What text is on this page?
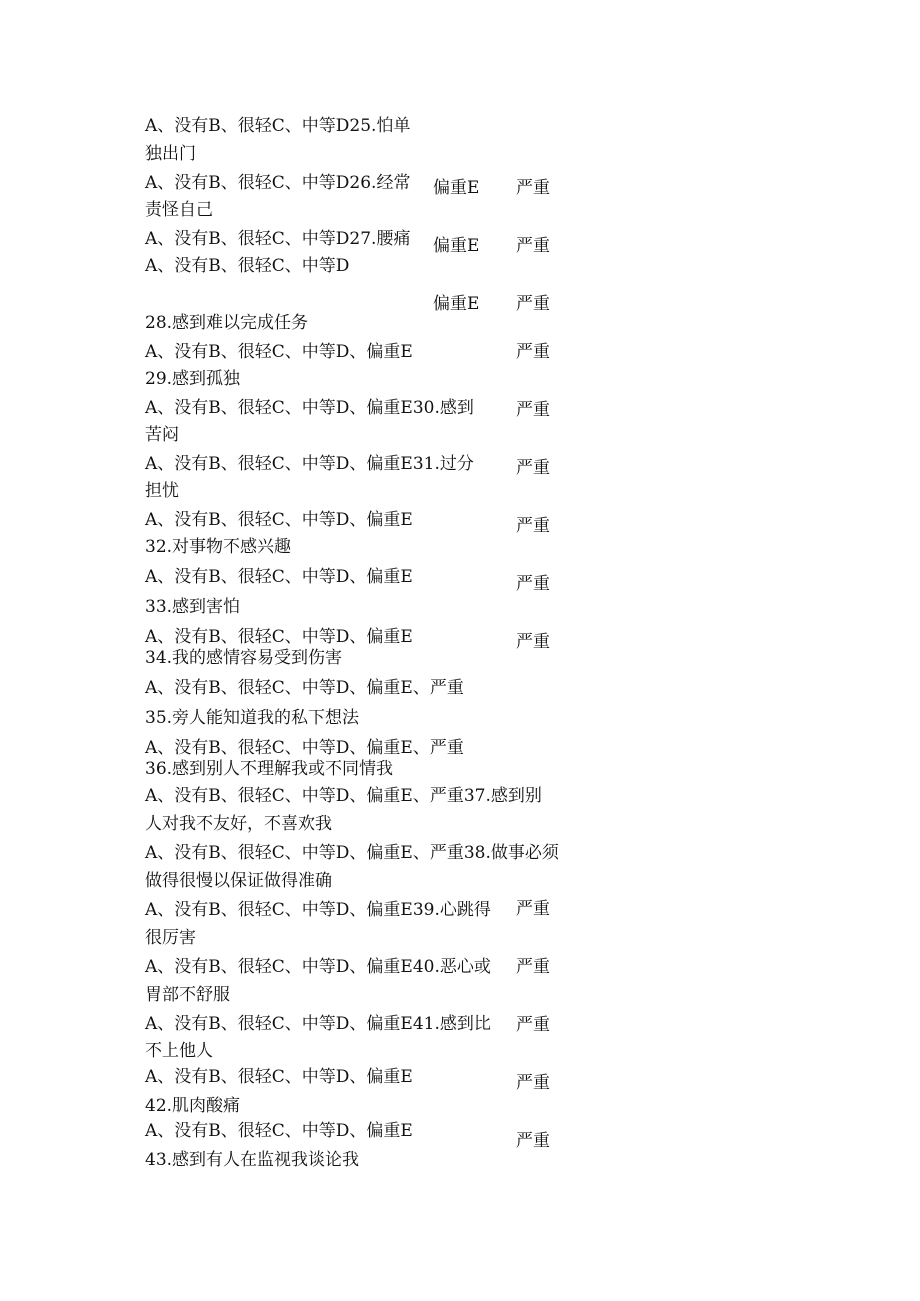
A、没有B、很轻C、中等D25.怕单
独出门
A、没有B、很轻C、中等D26.经常
责怪自己
A、没有B、很轻C、中等D27.腰痛
A、没有B、很轻C、中等D
28.感到难以完成任务
A、没有B、很轻C、中等D、偏重E
29.感到孤独
A、没有B、很轻C、中等D、偏重E30.感到
苦闷
A、没有B、很轻C、中等D、偏重E31.过分
担忧
A、没有B、很轻C、中等D、偏重E
32.对事物不感兴趣
A、没有B、很轻C、中等D、偏重E
33.感到害怕
A、没有B、很轻C、中等D、偏重E
34.我的感情容易受到伤害
A、没有B、很轻C、中等D、偏重E、严重
35.旁人能知道我的私下想法
A、没有B、很轻C、中等D、偏重E、严重
36.感到别人不理解我或不同情我
A、没有B、很轻C、中等D、偏重E、严重37.感到别
人对我不友好，不喜欢我
A、没有B、很轻C、中等D、偏重E、严重38.做事必须
做得很慢以保证做得准确
A、没有B、很轻C、中等D、偏重E39.心跳得
很厉害
A、没有B、很轻C、中等D、偏重E40.恶心或
胃部不舒服
A、没有B、很轻C、中等D、偏重E41.感到比
不上他人
A、没有B、很轻C、中等D、偏重E
42.肌肉酸痛
A、没有B、很轻C、中等D、偏重E
43.感到有人在监视我谈论我
偏重E
偏重E
偏重E
严重
严重
严重
严重
严重
严重
严重
严重
严重
严重
严重
严重
严重
严重
